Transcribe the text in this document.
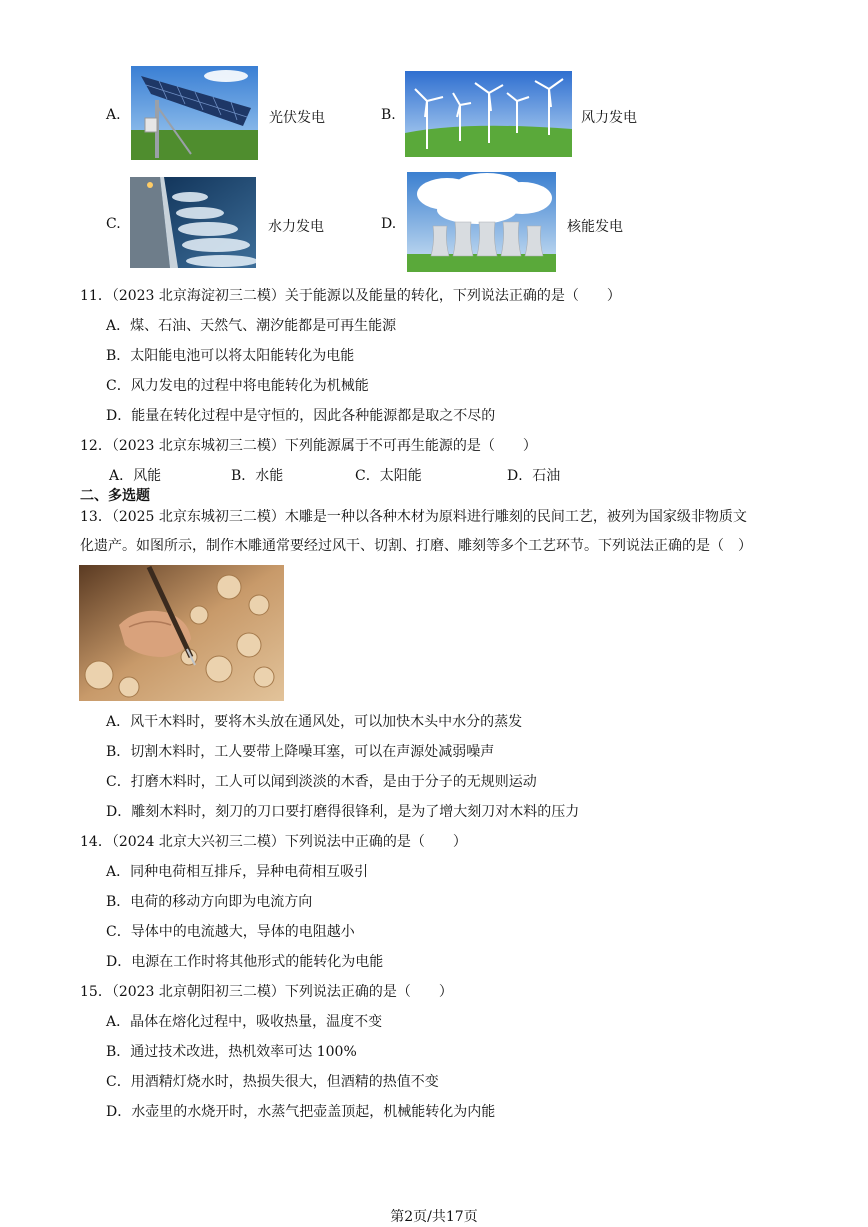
A.	光伏发电	B.	风力发电
C.	水力发电	D.	核能发电
11．（2023 北京海淀初三二模）关于能源以及能量的转化，下列说法正确的是（　　）
A．煤、石油、天然气、潮汐能都是可再生能源
B．太阳能电池可以将太阳能转化为电能
C．风力发电的过程中将电能转化为机械能
D．能量在转化过程中是守恒的，因此各种能源都是取之不尽的
12．（2023 北京东城初三二模）下列能源属于不可再生能源的是（　　）
A．风能	B．水能	C．太阳能	D．石油
二、多选题
13．（2025 北京东城初三二模）木雕是一种以各种木材为原料进行雕刻的民间工艺，被列为国家级非物质文
化遗产。如图所示，制作木雕通常要经过风干、切割、打磨、雕刻等多个工艺环节。下列说法正确的是（　）
A．风干木料时，要将木头放在通风处，可以加快木头中水分的蒸发
B．切割木料时，工人要带上降噪耳塞，可以在声源处减弱噪声
C．打磨木料时，工人可以闻到淡淡的木香，是由于分子的无规则运动
D．雕刻木料时，刻刀的刀口要打磨得很锋利，是为了增大刻刀对木料的压力
14．（2024 北京大兴初三二模）下列说法中正确的是（　　）
A．同种电荷相互排斥，异种电荷相互吸引
B．电荷的移动方向即为电流方向
C．导体中的电流越大，导体的电阻越小
D．电源在工作时将其他形式的能转化为电能
15．（2023 北京朝阳初三二模）下列说法正确的是（　　）
A．晶体在熔化过程中，吸收热量，温度不变
B．通过技术改进，热机效率可达 100%
C．用酒精灯烧水时，热损失很大，但酒精的热值不变
D．水壶里的水烧开时，水蒸气把壶盖顶起，机械能转化为内能
第2页/共17页
